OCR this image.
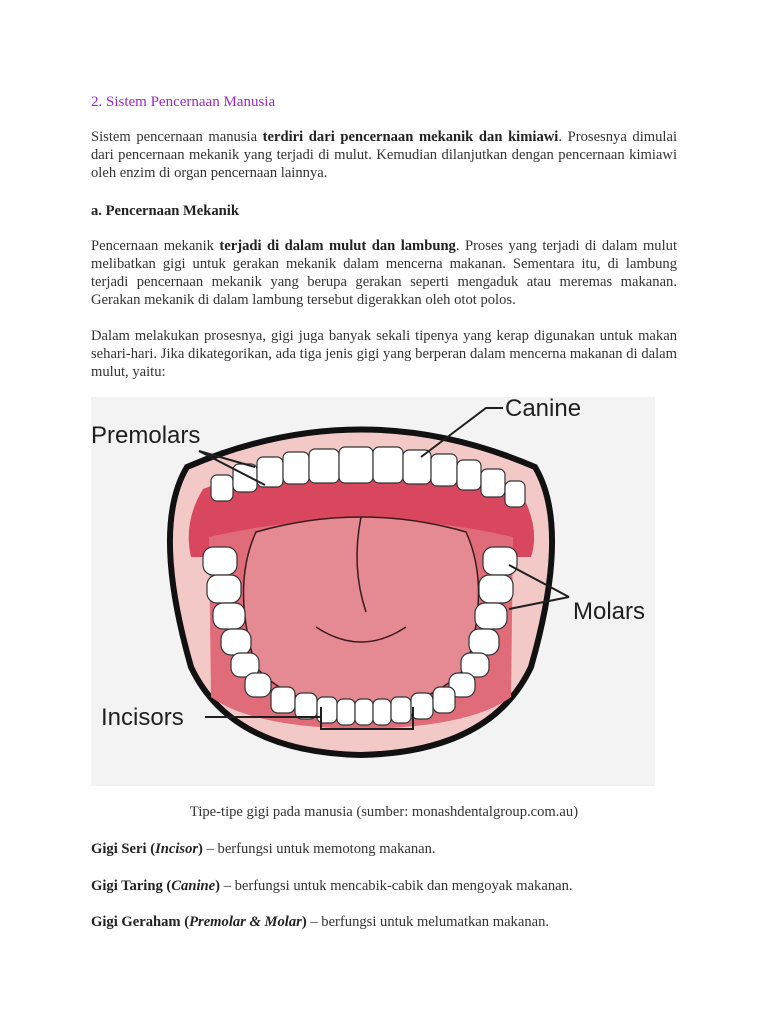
2. Sistem Pencernaan Manusia

Sistem pencernaan manusia terdiri dari pencernaan mekanik dan kimiawi. Prosesnya dimulai dari pencernaan mekanik yang terjadi di mulut. Kemudian dilanjutkan dengan pencernaan kimiawi oleh enzim di organ pencernaan lainnya.

a. Pencernaan Mekanik

Pencernaan mekanik terjadi di dalam mulut dan lambung. Proses yang terjadi di dalam mulut melibatkan gigi untuk gerakan mekanik dalam mencerna makanan. Sementara itu, di lambung terjadi pencernaan mekanik yang berupa gerakan seperti mengaduk atau meremas makanan. Gerakan mekanik di dalam lambung tersebut digerakkan oleh otot polos.

Dalam melakukan prosesnya, gigi juga banyak sekali tipenya yang kerap digunakan untuk makan sehari-hari. Jika dikategorikan, ada tiga jenis gigi yang berperan dalam mencerna makanan di dalam mulut, yaitu:

Canine
Premolars
Molars
Incisors

Tipe-tipe gigi pada manusia (sumber: monashdentalgroup.com.au)

Gigi Seri (Incisor) – berfungsi untuk memotong makanan.

Gigi Taring (Canine) – berfungsi untuk mencabik-cabik dan mengoyak makanan.

Gigi Geraham (Premolar & Molar) – berfungsi untuk melumatkan makanan.
